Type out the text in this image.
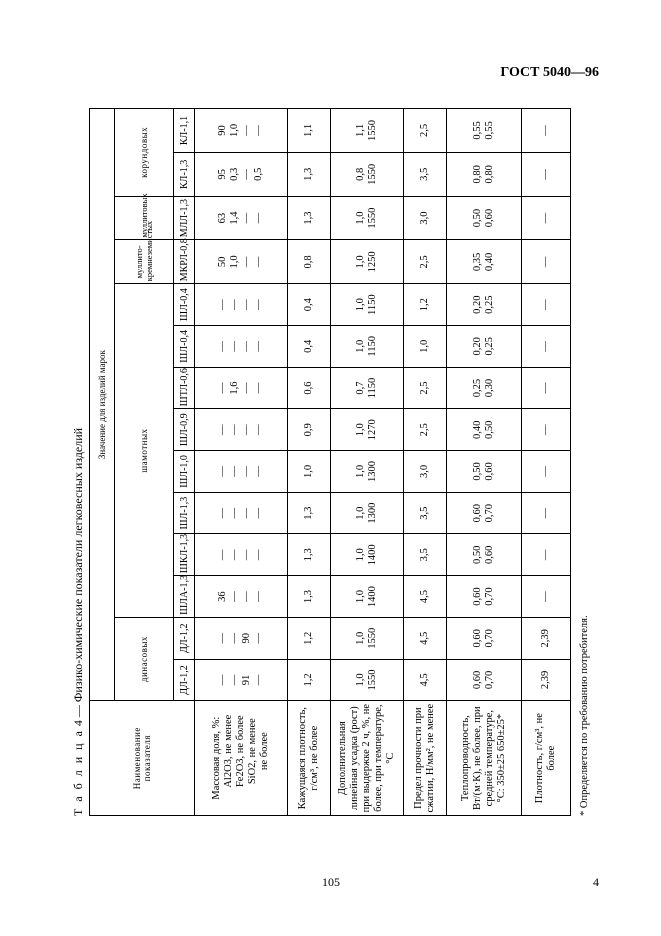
ГОСТ 5040—96
Т а б л и ц а 4 — Физико-химические показатели легковесных изделий
Наименование показателя	Значение для изделий марок													
	динасовых		шамотных								муллито-кремнеземистых	муллитовых	корундовых	
	ДЛ-1,2	ДЛ-1,2	ШЛА-1,3	ШКЛ-1,3	ШЛ-1,3	ШЛ-1,0	ШЛ-0,9	ШТЛ-0,6	ШЛ-0,4	ШЛ-0,4	МКРЛ-0,8	МЛЛ-1,3	КЛ-1,3	КЛ-1,1

Массовая доля, %: Al2O3, не менее Fe2O3, не более SiO2, не менее не более	—
—
91
—	—
—
90
—	36
—
—
—	—
—
—
—	—
—
—
—	—
—
—
—	—
—
—
—	—
1,6
—
—	—
—
—
—	—
—
—
—	50
1,0
—
—	63
1,4
—
—	95
0,3
—
0,5	90
1,0
—
—

Кажущаяся плотность, г/см³, не более	1,2	1,2	1,3	1,3	1,3	1,0	0,9	0,6	0,4	0,4	0,8	1,3	1,3	1,1

Дополнительная линейная усадка (рост) при выдержке 2 ч, %, не более, при температуре, °С	1,0
1550	1,0
1550	1,0
1400	1,0
1400	1,0
1300	1,0
1300	1,0
1270	0,7
1150	1,0
1150	1,0
1150	1,0
1250	1,0
1550	0,8
1550	1,1
1550

Предел прочности при сжатии, Н/мм², не менее	4,5	4,5	4,5	3,5	3,5	3,0	2,5	2,5	1,0	1,2	2,5	3,0	3,5	2,5

Теплопроводность, Вт/(м·К), не более, при средней температуре, °С: 350±25 650±25*	0,60
0,70	0,60
0,70	0,60
0,70	0,50
0,60	0,60
0,70	0,50
0,60	0,40
0,50	0,25
0,30	0,20
0,25	0,20
0,25	0,35
0,40	0,50
0,60	0,80
0,80	0,55
0,55

Плотность, г/см³, не более	2,39	2,39	—	—	—	—	—	—	—	—	—	—	—	—
* Определяется по требованию потребителя.
105	4
